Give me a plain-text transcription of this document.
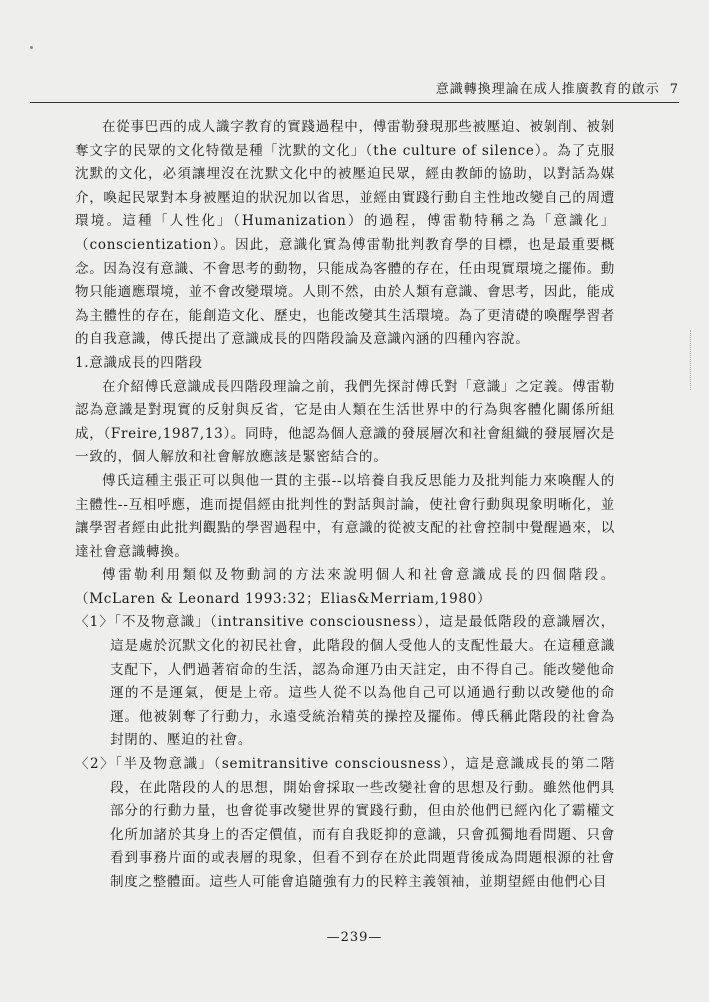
意識轉換理論在成人推廣教育的啟示 7

在從事巴西的成人識字教育的實踐過程中，傅雷勒發現那些被壓迫、被剝削、被剝奪文字的民眾的文化特徵是種「沈默的文化」（the culture of silence）。為了克服沈默的文化，必須讓埋沒在沈默文化中的被壓迫民眾，經由教師的協助，以對話為媒介，喚起民眾對本身被壓迫的狀況加以省思，並經由實踐行動自主性地改變自己的周遭環境。這種「人性化」（Humanization）的過程，傅雷勒特稱之為「意識化」（conscientization）。因此，意識化實為傅雷勒批判教育學的目標，也是最重要概念。因為沒有意識、不會思考的動物，只能成為客體的存在，任由現實環境之擺佈。動物只能適應環境，並不會改變環境。人則不然，由於人類有意識、會思考，因此，能成為主體性的存在，能創造文化、歷史，也能改變其生活環境。為了更清礎的喚醒學習者的自我意識，傅氏提出了意識成長的四階段論及意識內涵的四種內容說。

1.意識成長的四階段

在介紹傅氏意識成長四階段理論之前，我們先探討傅氏對「意識」之定義。傅雷勒認為意識是對現實的反射與反省，它是由人類在生活世界中的行為與客體化關係所組成，（Freire,1987,13）。同時，他認為個人意識的發展層次和社會組織的發展層次是一致的，個人解放和社會解放應該是緊密結合的。

傅氏這種主張正可以與他一貫的主張--以培養自我反思能力及批判能力來喚醒人的主體性--互相呼應，進而提倡經由批判性的對話與討論，使社會行動與現象明晰化，並讓學習者經由此批判觀點的學習過程中，有意識的從被支配的社會控制中覺醒過來，以達社會意識轉換。

傅雷勒利用類似及物動詞的方法來說明個人和社會意識成長的四個階段。（McLaren & Leonard 1993:32；Elias&Merriam,1980）

〈1〉「不及物意識」（intransitive consciousness），這是最低階段的意識層次，這是處於沉默文化的初民社會，此階段的個人受他人的支配性最大。在這種意識支配下，人們過著宿命的生活，認為命運乃由天註定，由不得自己。能改變他命運的不是運氣，便是上帝。這些人從不以為他自己可以通過行動以改變他的命運。他被剝奪了行動力，永遠受統治精英的操控及擺佈。傅氏稱此階段的社會為封閉的、壓迫的社會。

〈2〉「半及物意識」（semitransitive consciousness），這是意識成長的第二階段，在此階段的人的思想，開始會採取一些改變社會的思想及行動。雖然他們具部分的行動力量，也會從事改變世界的實踐行動，但由於他們已經內化了霸權文化所加諸於其身上的否定價值，而有自我貶抑的意識，只會孤獨地看問題、只會看到事務片面的或表層的現象，但看不到存在於此問題背後成為問題根源的社會制度之整體面。這些人可能會追隨強有力的民粹主義領袖，並期望經由他們心目

—239—
